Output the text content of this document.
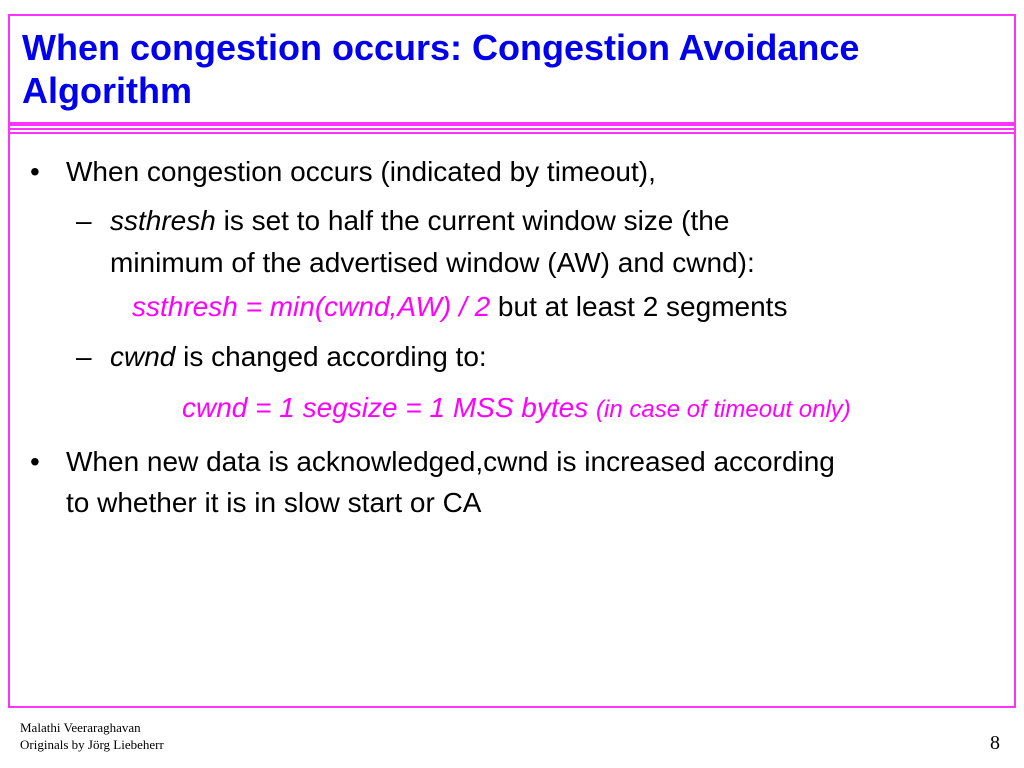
When congestion occurs: Congestion Avoidance
Algorithm
• When congestion occurs (indicated by timeout),
– ssthresh is set to half the current window size (the
minimum of the advertised window (AW) and cwnd):
ssthresh = min(cwnd,AW) / 2 but at least 2 segments
– cwnd is changed according to:
cwnd = 1 segsize = 1 MSS bytes (in case of timeout only)
• When new data is acknowledged,cwnd is increased according
to whether it is in slow start or CA
Malathi Veeraraghavan
Originals by Jörg Liebeherr	8
